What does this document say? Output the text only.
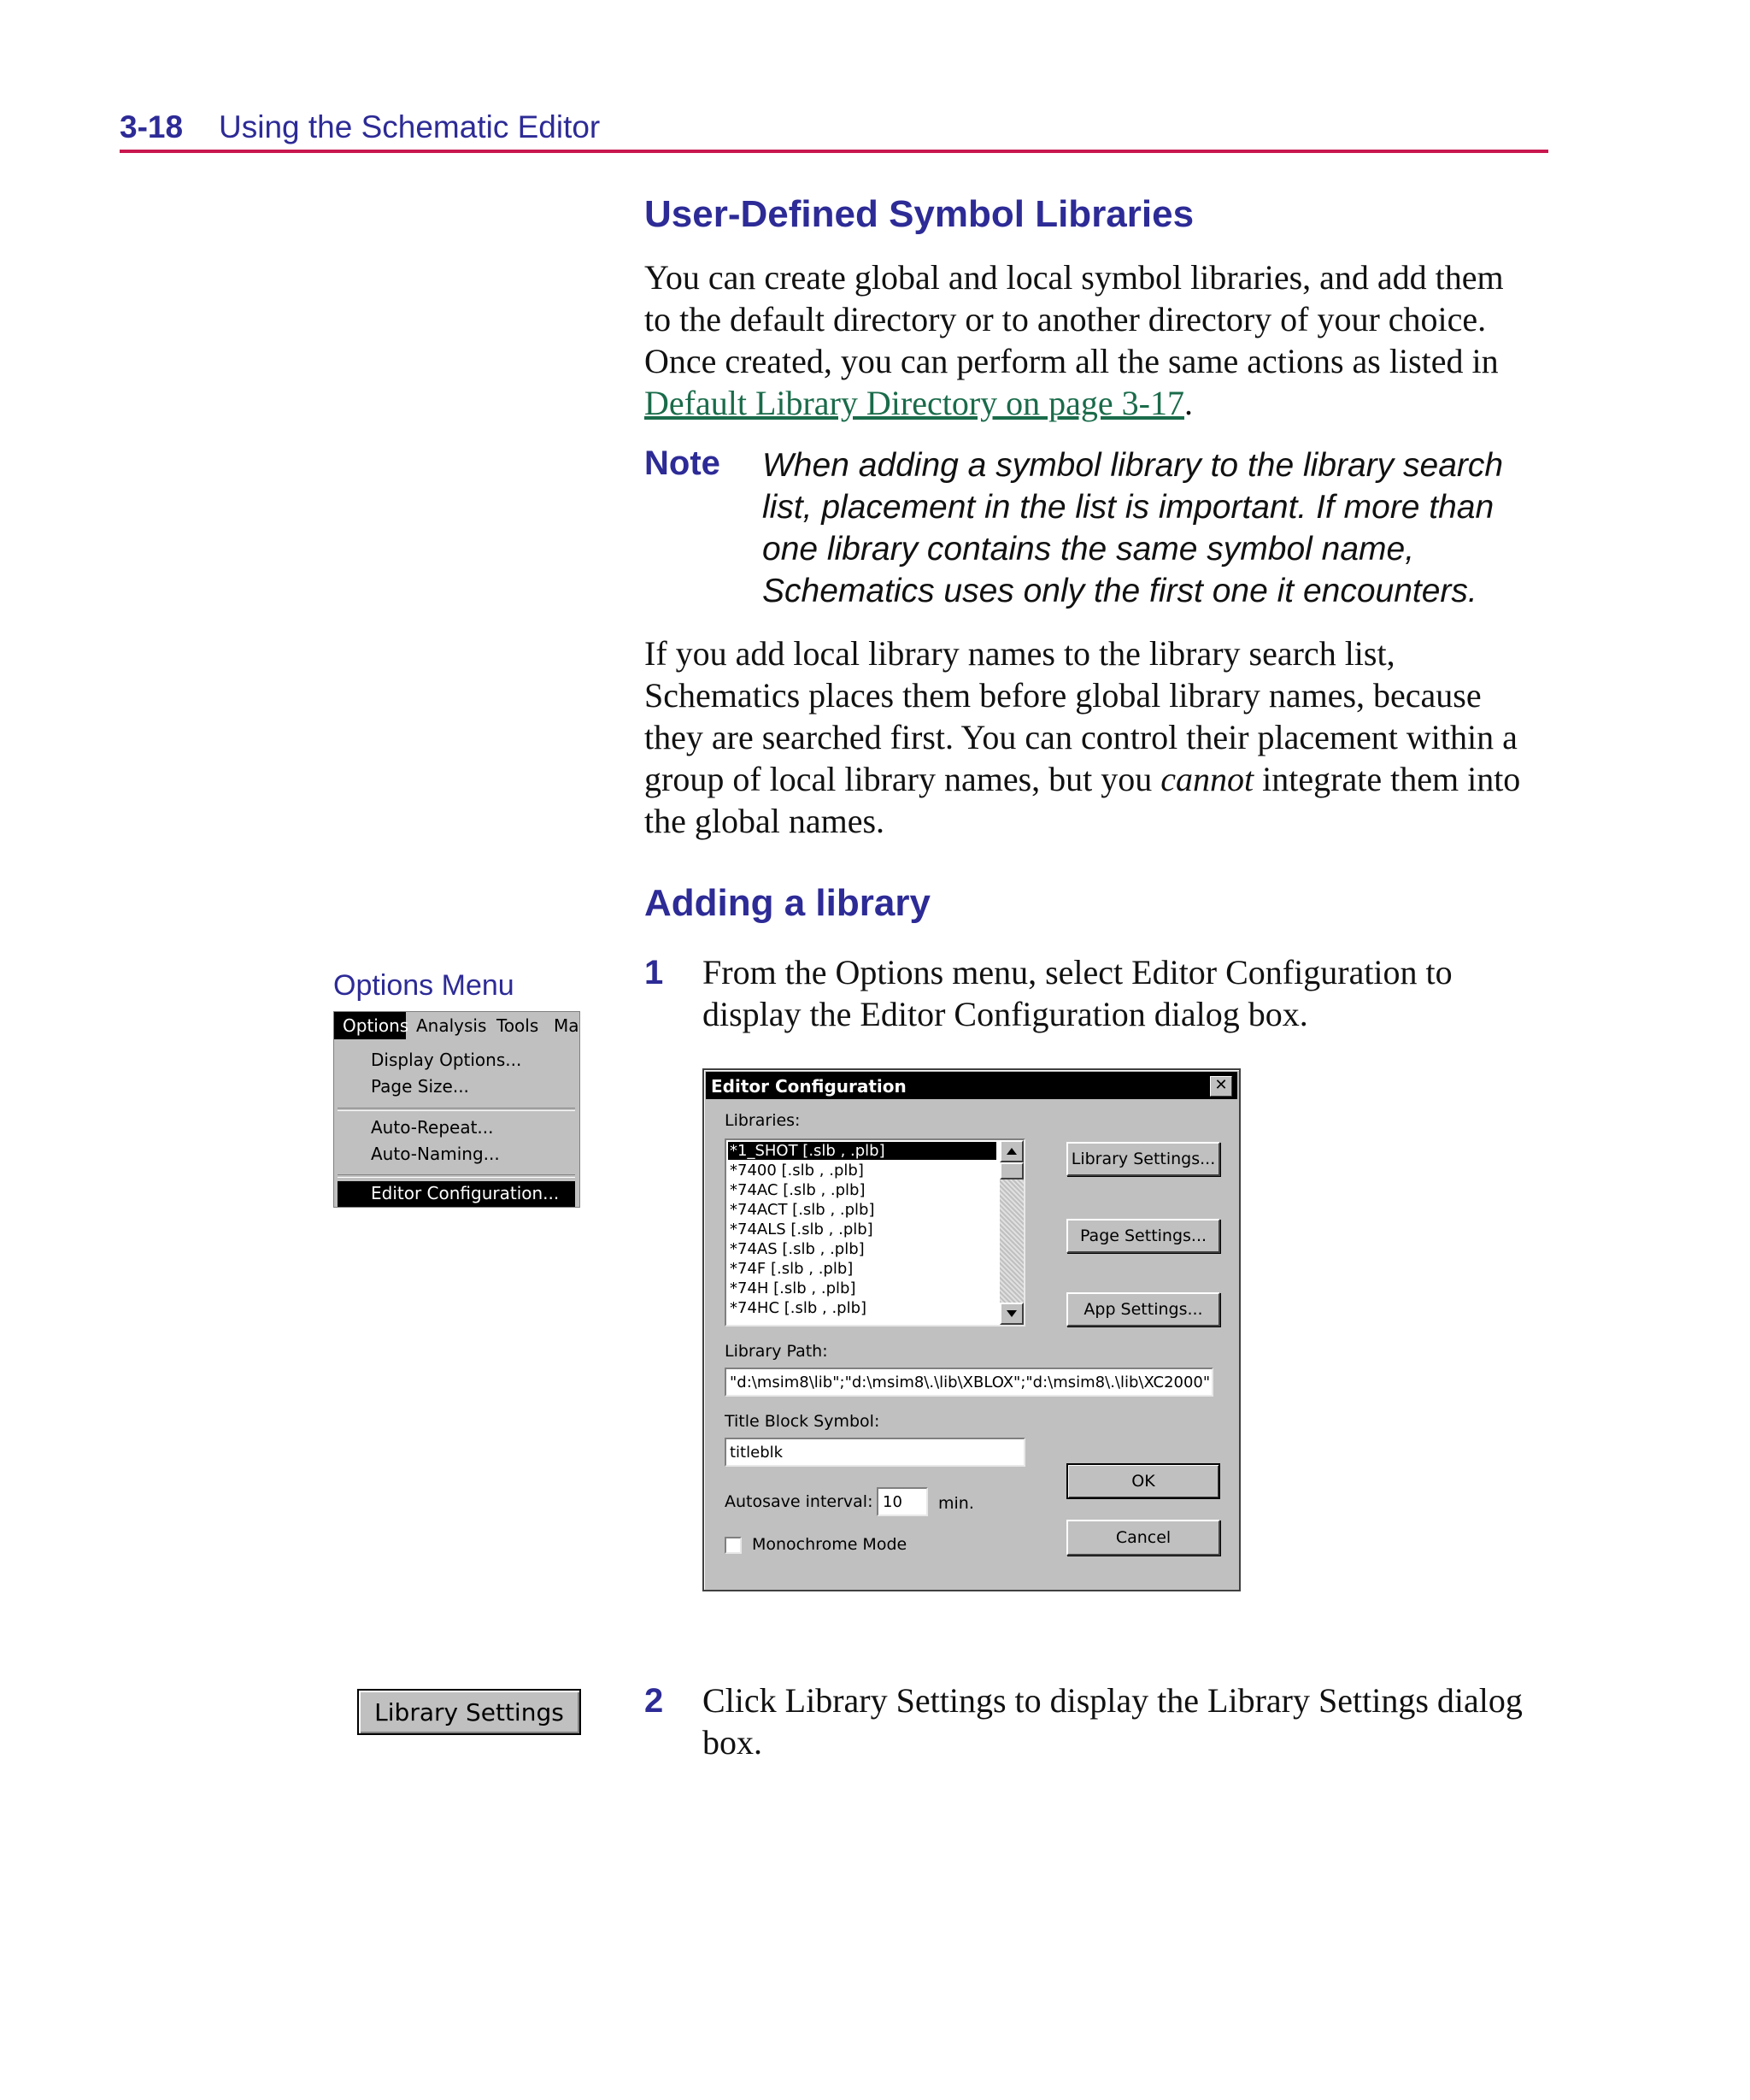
3-18 Using the Schematic Editor
User-Defined Symbol Libraries
You can create global and local symbol libraries, and add them
to the default directory or to another directory of your choice.
Once created, you can perform all the same actions as listed in
Default Library Directory on page 3-17.
Note When adding a symbol library to the library search
list, placement in the list is important. If more than
one library contains the same symbol name,
Schematics uses only the first one it encounters.
If you add local library names to the library search list,
Schematics places them before global library names, because
they are searched first. You can control their placement within a
group of local library names, but you cannot integrate them into
the global names.
Adding a library
1 From the Options menu, select Editor Configuration to
display the Editor Configuration dialog box.
Options Menu
Options Analysis Tools Ma
Display Options...
Page Size...
Auto-Repeat...
Auto-Naming...
Editor Configuration...
Editor Configuration	✕
Libraries:
*1_SHOT [.slb , .plb]
*7400 [.slb , .plb]
*74AC [.slb , .plb]
*74ACT [.slb , .plb]
*74ALS [.slb , .plb]
*74AS [.slb , .plb]
*74F [.slb , .plb]
*74H [.slb , .plb]
*74HC [.slb , .plb]
Library Settings...
Page Settings...
App Settings...
Library Path:
"d:\msim8\lib";"d:\msim8\.\lib\XBLOX";"d:\msim8\.\lib\XC2000"
Title Block Symbol:
titleblk
Autosave interval: 10 min.
Monochrome Mode
OK
Cancel
Library Settings 2 Click Library Settings to display the Library Settings dialog
box.
